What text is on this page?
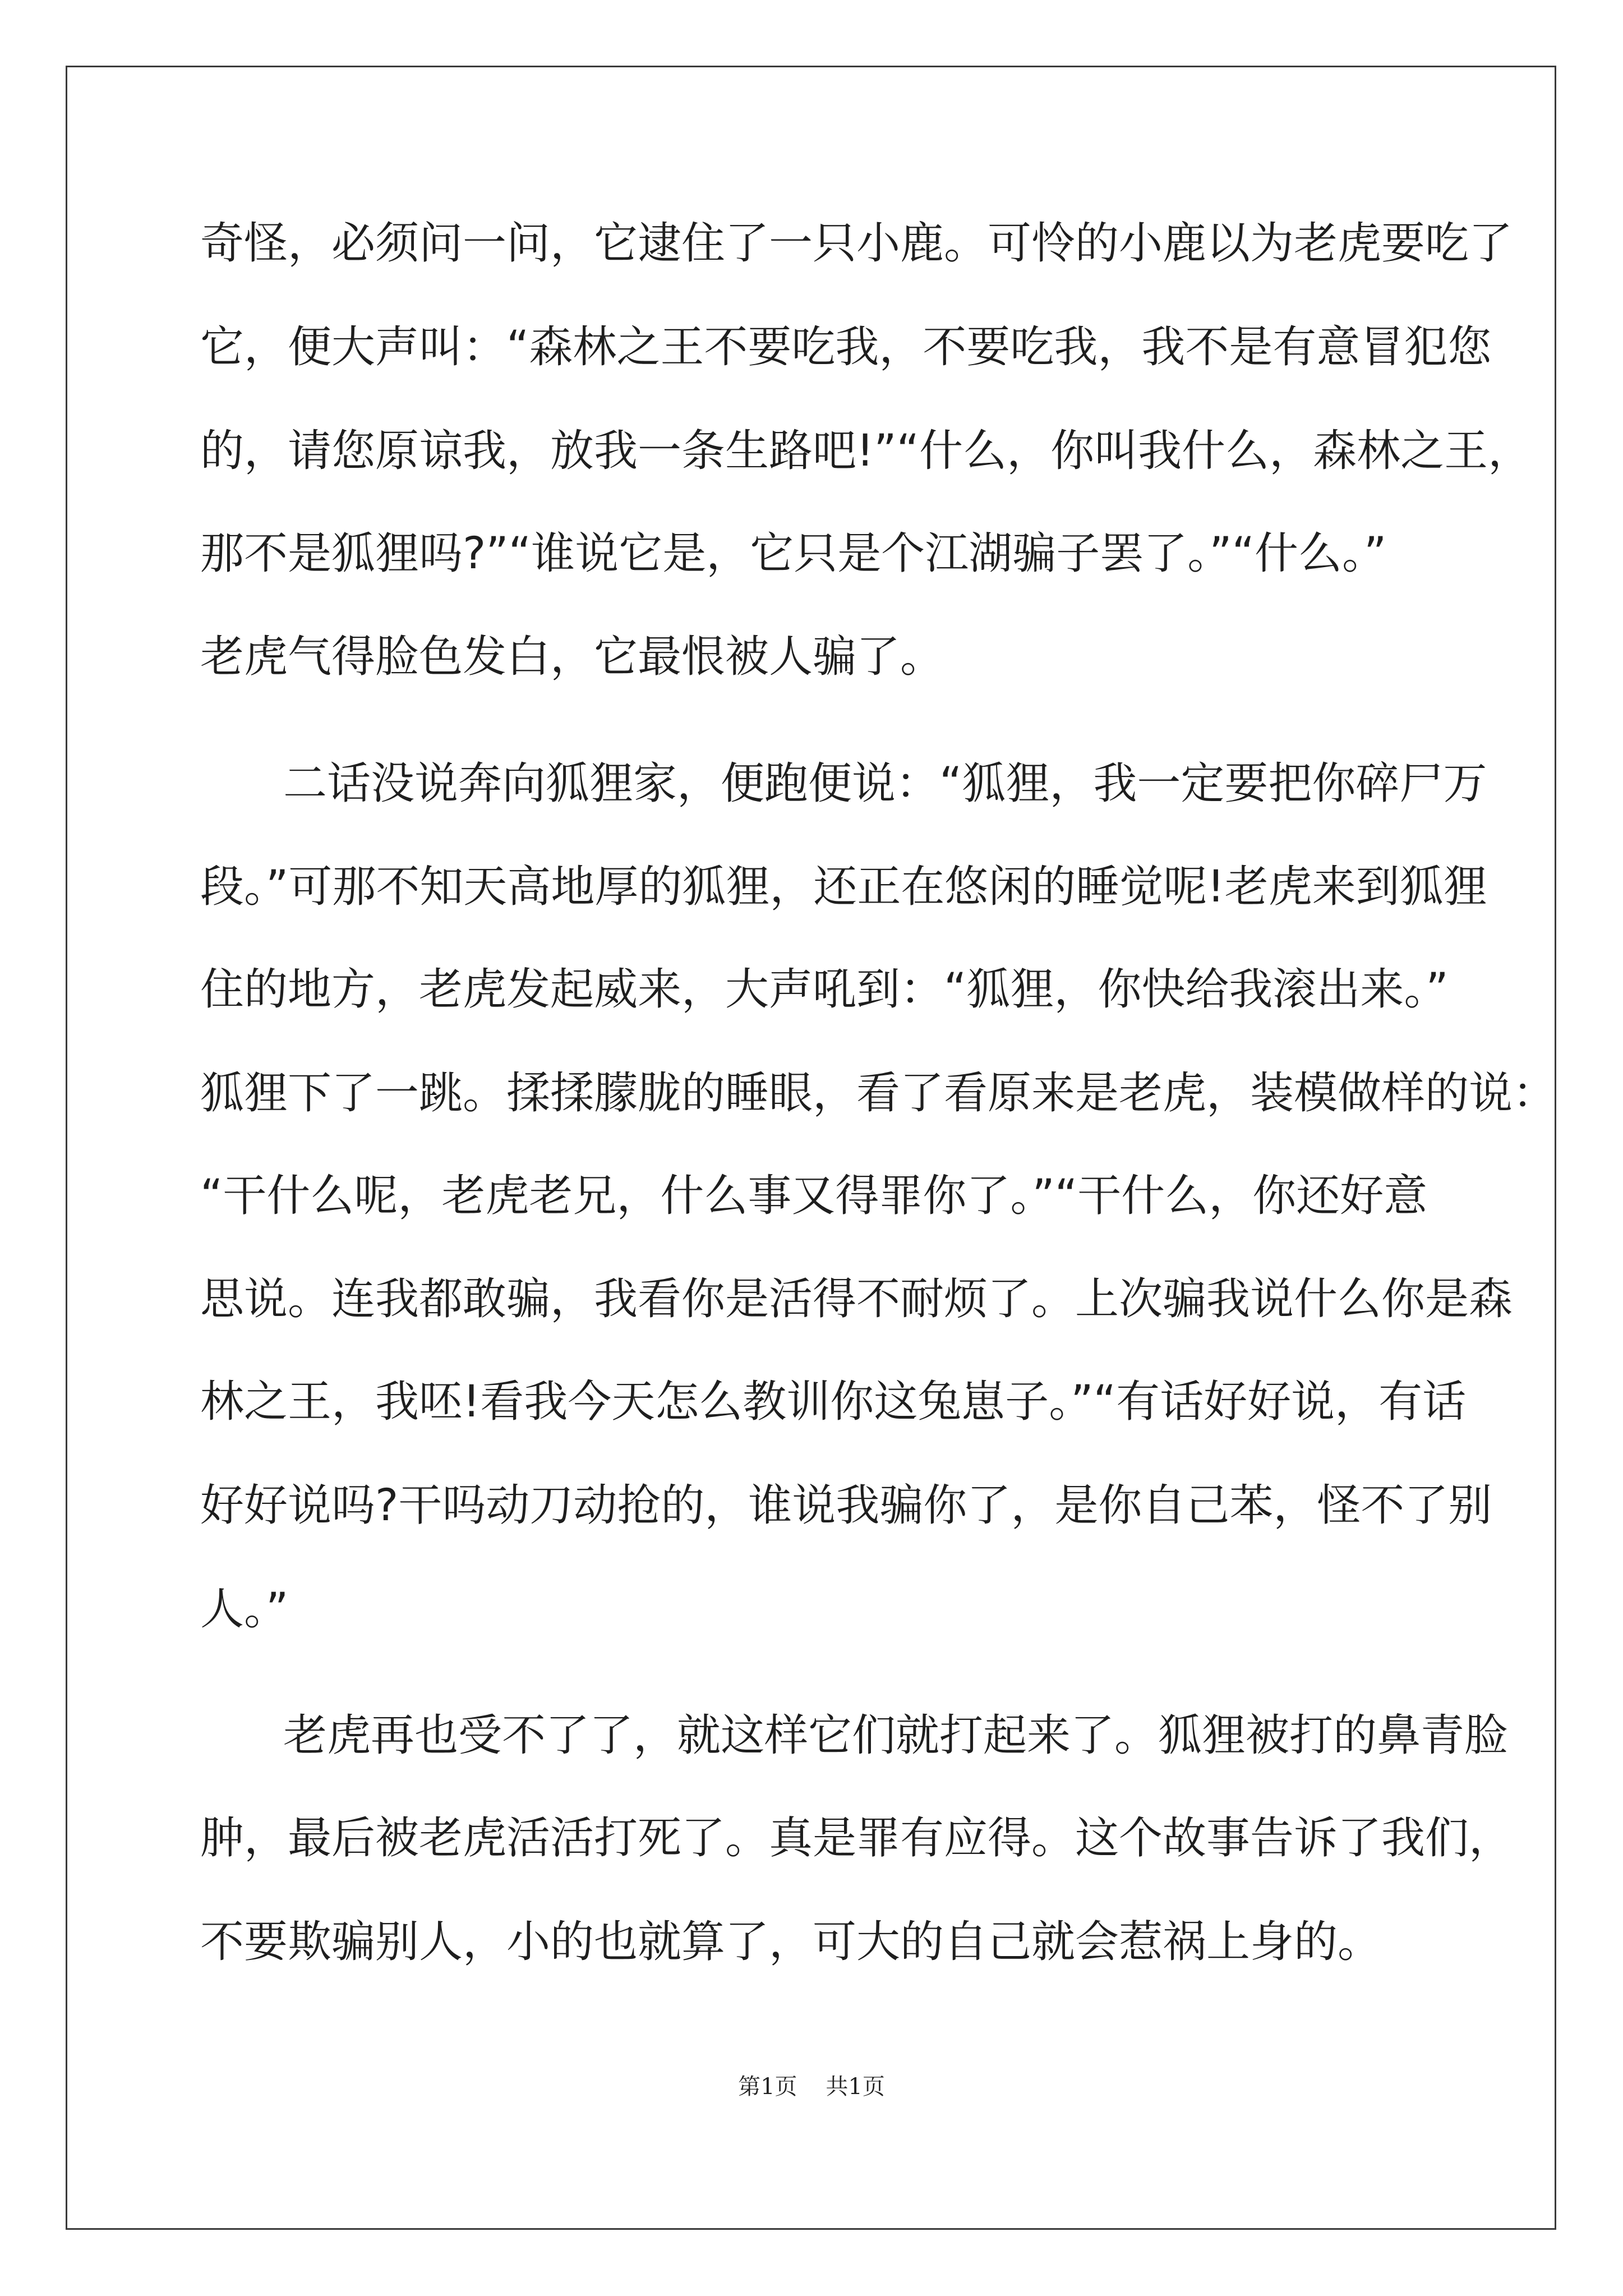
奇怪，必须问一问，它逮住了一只小鹿。可怜的小鹿以为老虎要吃了
它，便大声叫：“森林之王不要吃我，不要吃我，我不是有意冒犯您
的，请您原谅我，放我一条生路吧!”“什么，你叫我什么，森林之王，
那不是狐狸吗?”“谁说它是，它只是个江湖骗子罢了。”“什么。”
老虎气得脸色发白，它最恨被人骗了。
二话没说奔向狐狸家，便跑便说：“狐狸，我一定要把你碎尸万
段。”可那不知天高地厚的狐狸，还正在悠闲的睡觉呢!老虎来到狐狸
住的地方，老虎发起威来，大声吼到：“狐狸，你快给我滚出来。”
狐狸下了一跳。揉揉朦胧的睡眼，看了看原来是老虎，装模做样的说：
“干什么呢，老虎老兄，什么事又得罪你了。”“干什么，你还好意
思说。连我都敢骗，我看你是活得不耐烦了。上次骗我说什么你是森
林之王，我呸!看我今天怎么教训你这兔崽子。”“有话好好说，有话
好好说吗?干吗动刀动抢的，谁说我骗你了，是你自己苯，怪不了别
人。”
老虎再也受不了了，就这样它们就打起来了。狐狸被打的鼻青脸
肿，最后被老虎活活打死了。真是罪有应得。这个故事告诉了我们，
不要欺骗别人，小的也就算了，可大的自己就会惹祸上身的。
第1页    共1页
